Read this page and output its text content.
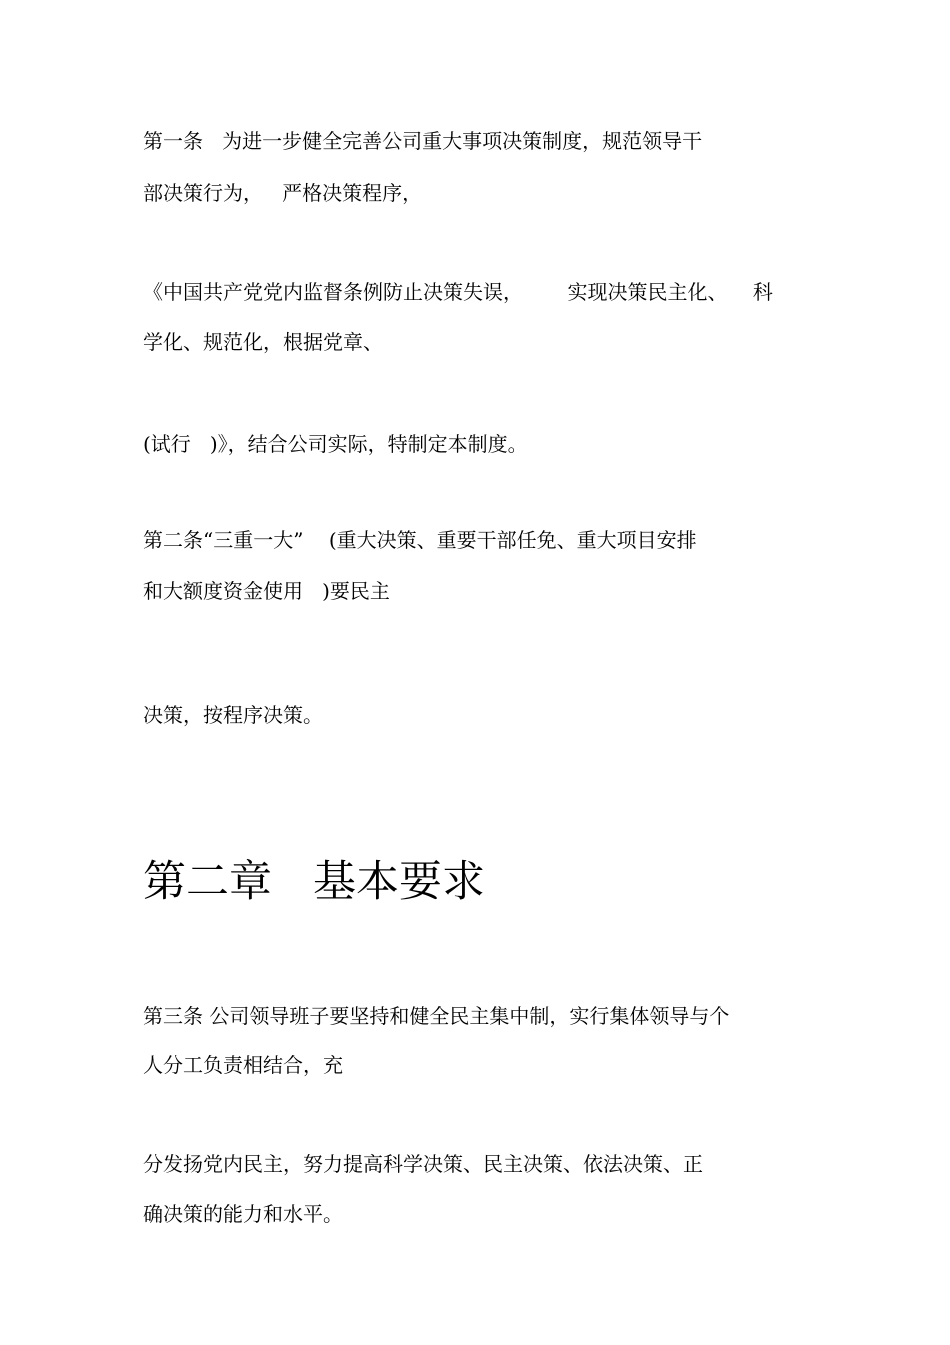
第一条   为进一步健全完善公司重大事项决策制度，规范领导干
部决策行为，   严格决策程序，
《中国共产党党内监督条例防止决策失误，       实现决策民主化、    科
学化、规范化，根据党章、
(试行   )》，结合公司实际，特制定本制度。
第二条“三重一大”    (重大决策、重要干部任免、重大项目安排
和大额度资金使用   )要民主
决策，按程序决策。
第二章   基本要求
第三条 公司领导班子要坚持和健全民主集中制，实行集体领导与个
人分工负责相结合，充
分发扬党内民主，努力提高科学决策、民主决策、依法决策、正
确决策的能力和水平。
